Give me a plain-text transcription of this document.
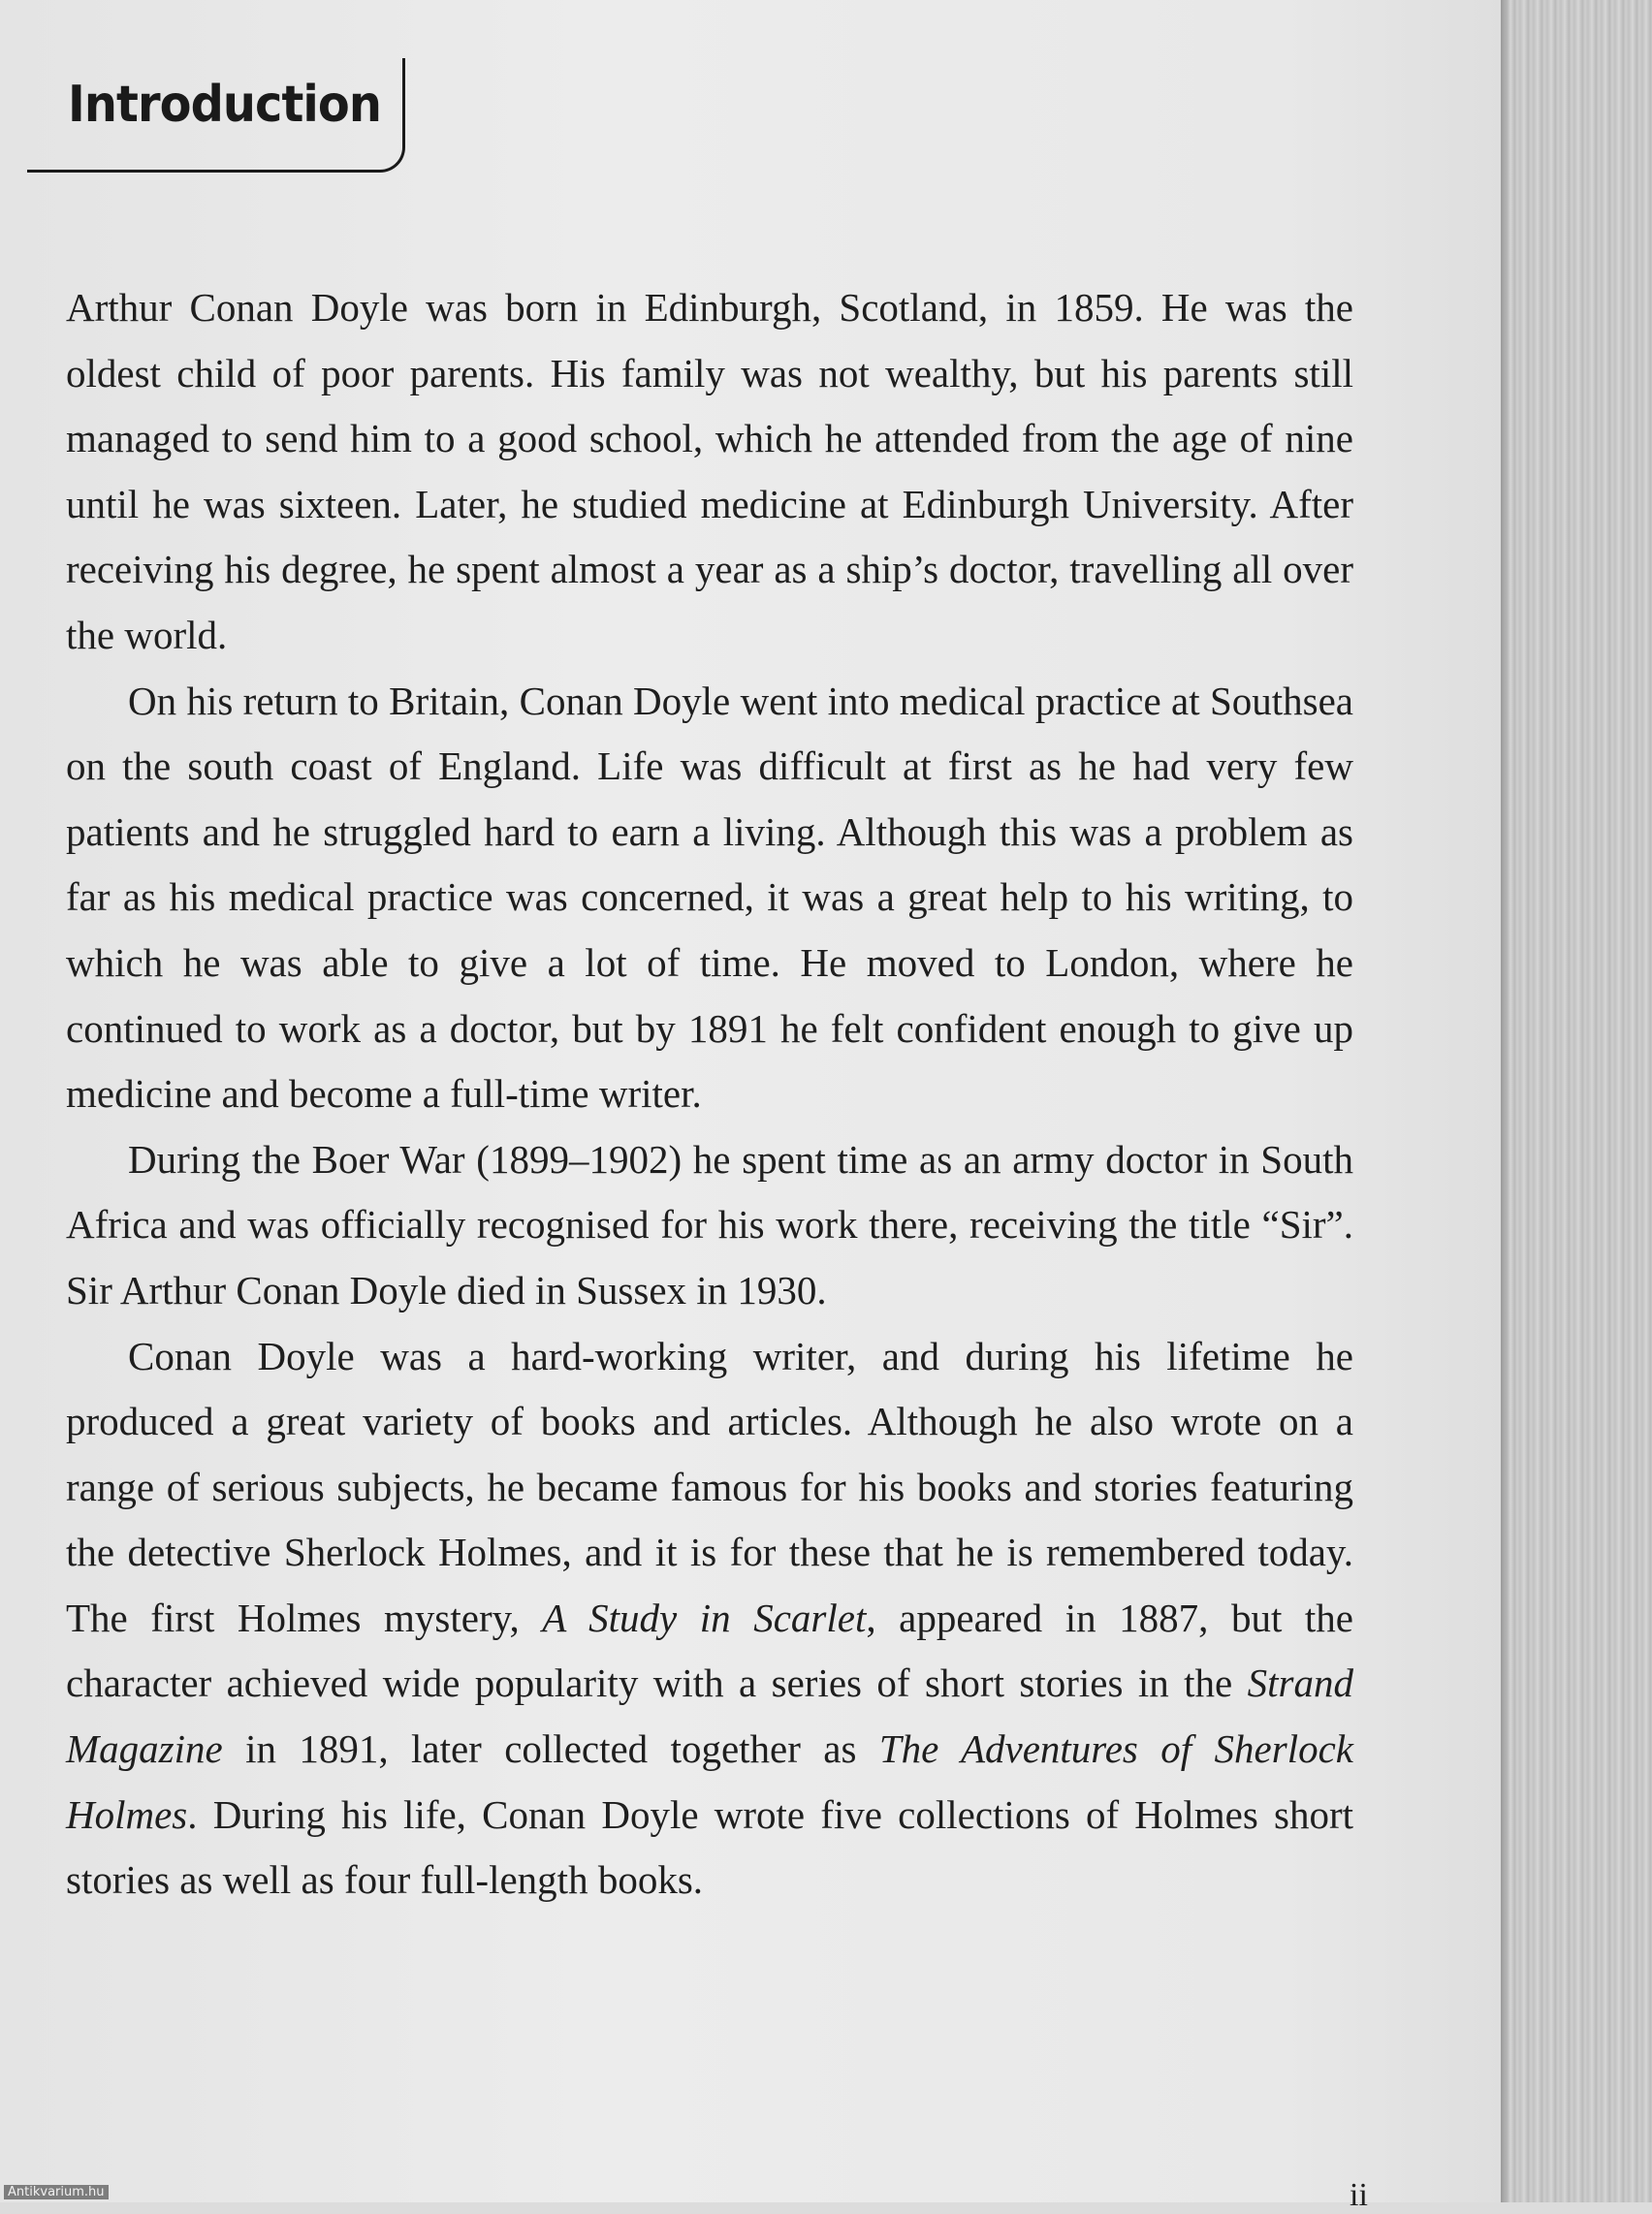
Introduction

Arthur Conan Doyle was born in Edinburgh, Scotland, in 1859. He was the oldest child of poor parents. His family was not wealthy, but his parents still managed to send him to a good school, which he attended from the age of nine until he was sixteen. Later, he studied medicine at Edinburgh University. After receiving his degree, he spent almost a year as a ship’s doctor, travelling all over the world.

On his return to Britain, Conan Doyle went into medical practice at Southsea on the south coast of England. Life was difficult at first as he had very few patients and he struggled hard to earn a living. Although this was a problem as far as his medical practice was concerned, it was a great help to his writing, to which he was able to give a lot of time. He moved to London, where he continued to work as a doctor, but by 1891 he felt confident enough to give up medicine and become a full-time writer.

During the Boer War (1899–1902) he spent time as an army doctor in South Africa and was officially recognised for his work there, receiving the title “Sir”. Sir Arthur Conan Doyle died in Sussex in 1930.

Conan Doyle was a hard-working writer, and during his lifetime he produced a great variety of books and articles. Although he also wrote on a range of serious subjects, he became famous for his books and stories featuring the detective Sherlock Holmes, and it is for these that he is remembered today. The first Holmes mystery, A Study in Scarlet, appeared in 1887, but the character achieved wide popularity with a series of short stories in the Strand Magazine in 1891, later collected together as The Adventures of Sherlock Holmes. During his life, Conan Doyle wrote five collections of Holmes short stories as well as four full-length books.

ii
Antikvarium.hu
